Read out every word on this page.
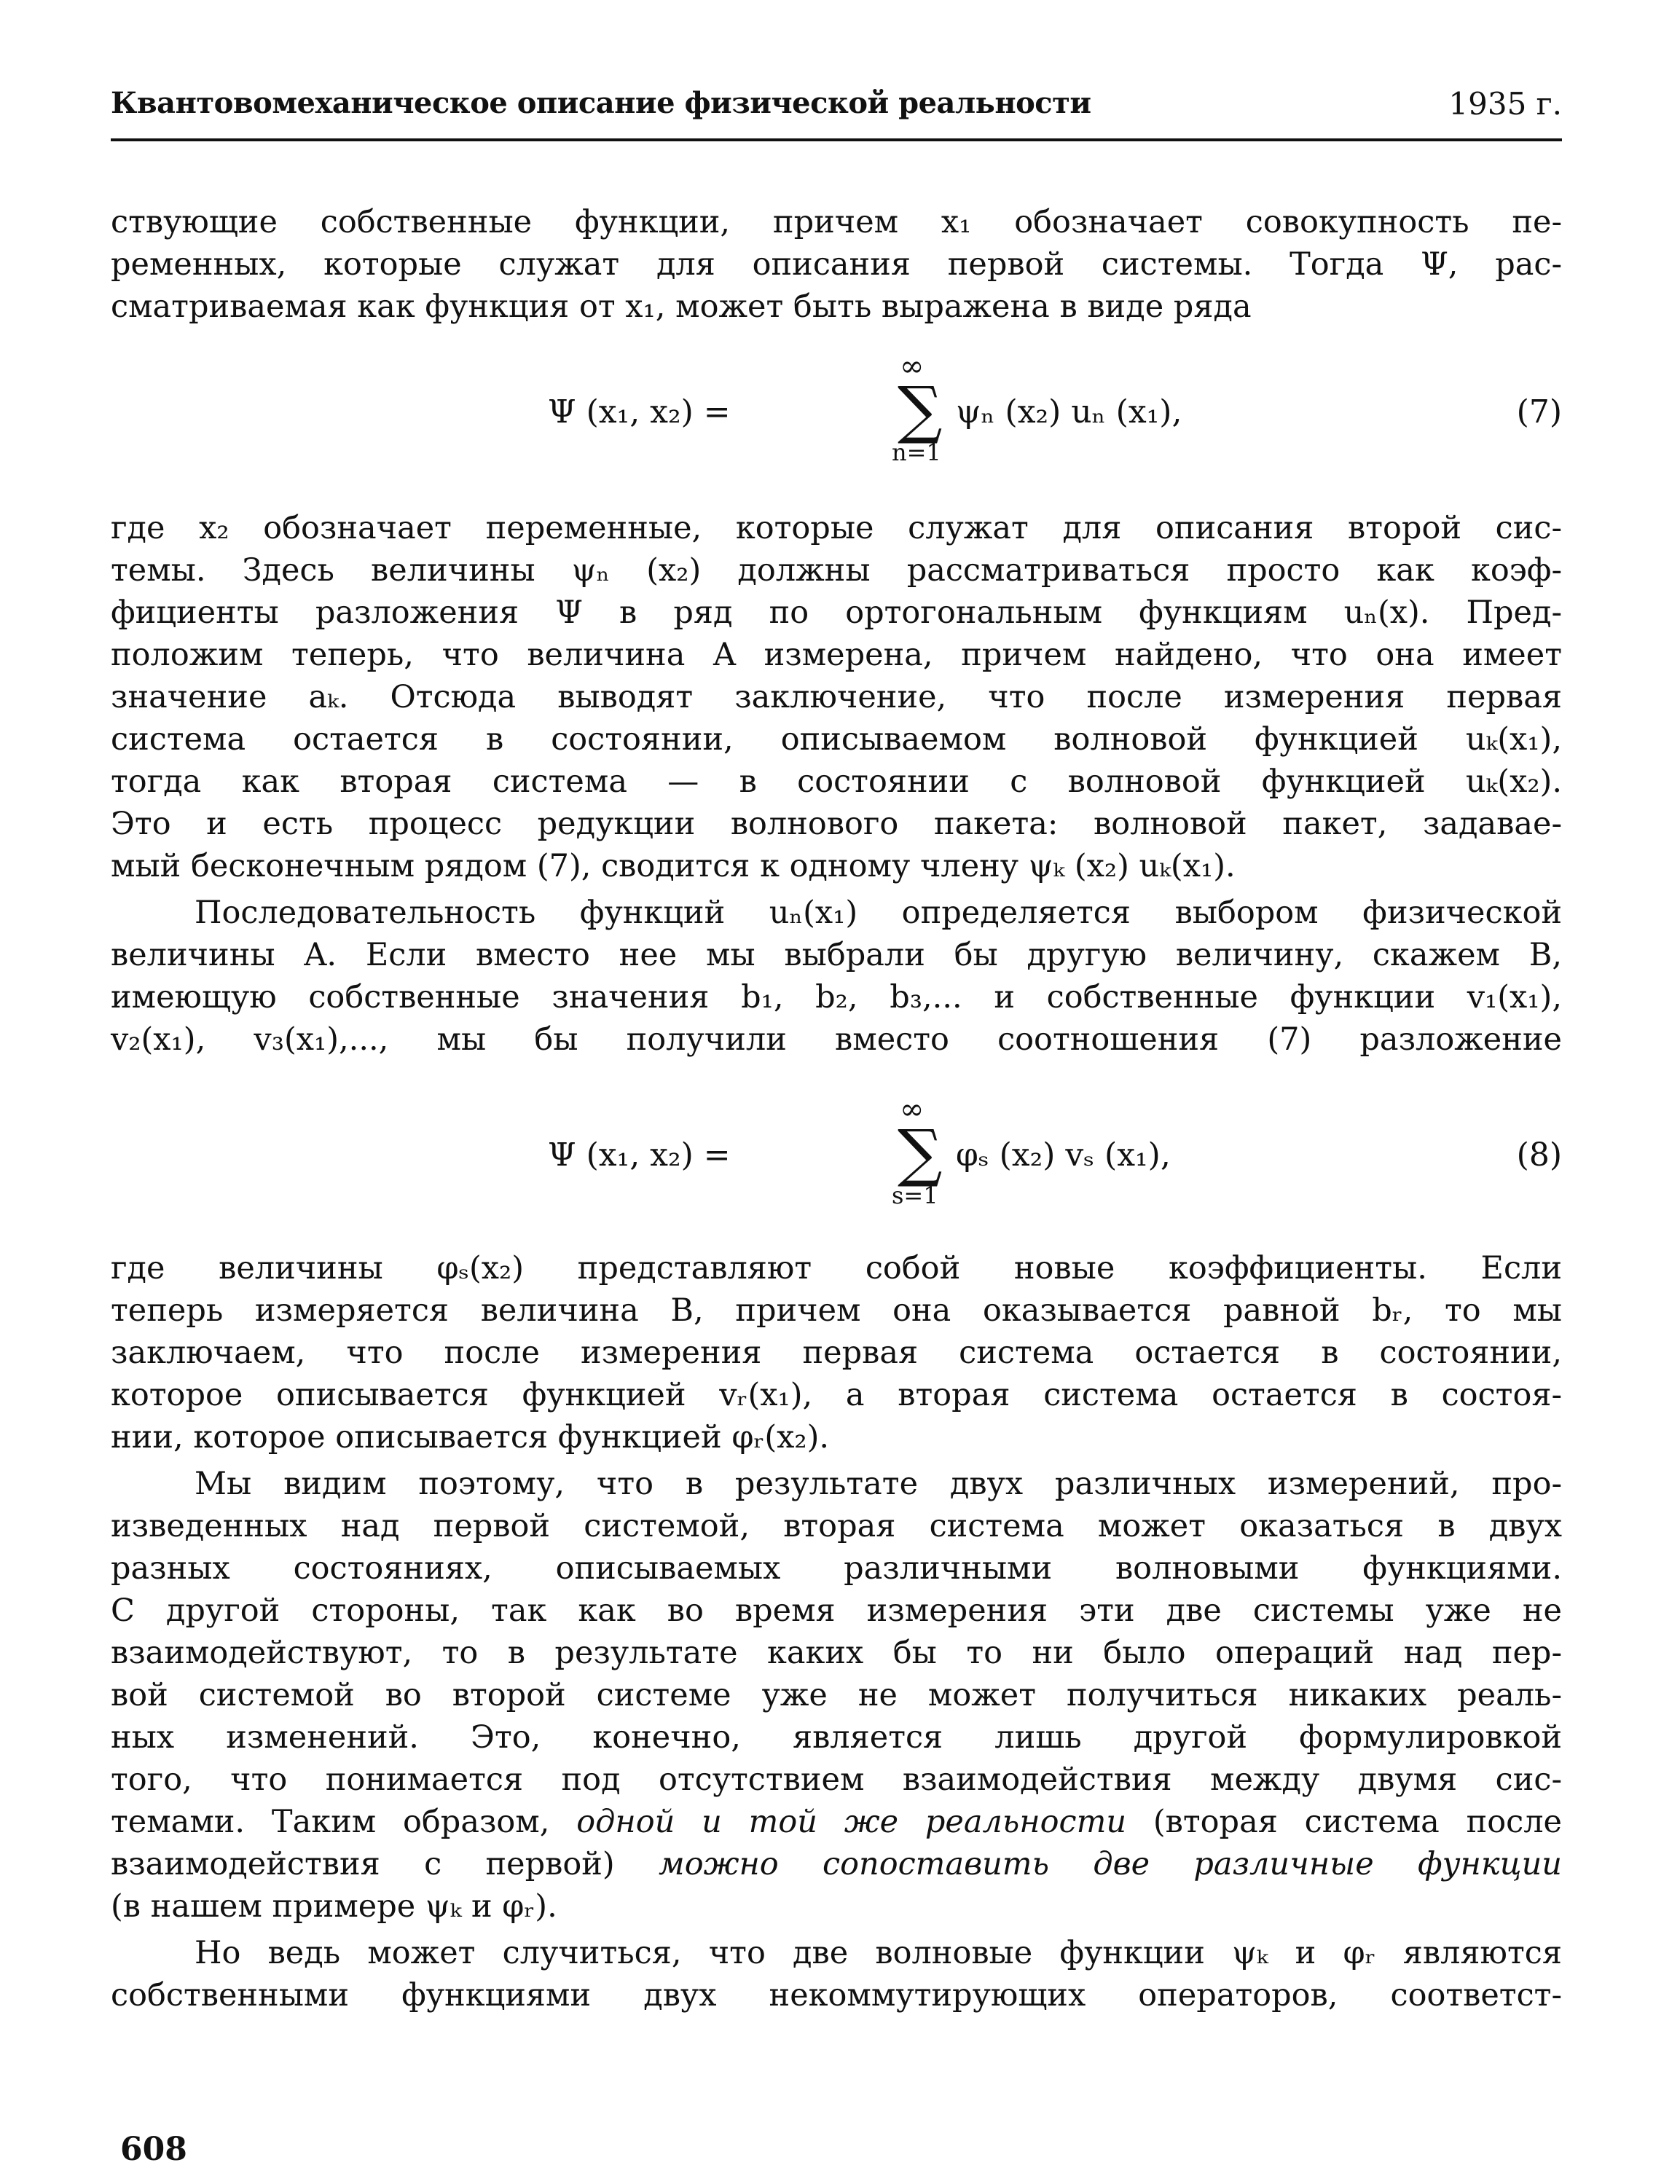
Квантовомеханическое описание физической реальности	1935 г.
ствующие собственные функции, причем x₁ обозначает совокупность пе-
ременных, которые служат для описания первой системы. Тогда Ψ, рас-
сматриваемая как функция от x₁, может быть выражена в виде ряда
Ψ (x₁, x₂) =
∞
∑
n=1
ψₙ (x₂) uₙ (x₁),	(7)
где x₂ обозначает переменные, которые служат для описания второй сис-
темы. Здесь величины ψₙ (x₂) должны рассматриваться просто как коэф-
фициенты разложения Ψ в ряд по ортогональным функциям uₙ(x). Пред-
положим теперь, что величина A измерена, причем найдено, что она имеет
значение aₖ. Отсюда выводят заключение, что после измерения первая
система остается в состоянии, описываемом волновой функцией uₖ(x₁),
тогда как вторая система — в состоянии с волновой функцией uₖ(x₂).
Это и есть процесс редукции волнового пакета: волновой пакет, задавае-
мый бесконечным рядом (7), сводится к одному члену ψₖ (x₂) uₖ(x₁).
Последовательность функций uₙ(x₁) определяется выбором физической
величины A. Если вместо нее мы выбрали бы другую величину, скажем B,
имеющую собственные значения b₁, b₂, b₃,... и собственные функции v₁(x₁),
v₂(x₁), v₃(x₁),..., мы бы получили вместо соотношения (7) разложение
Ψ (x₁, x₂) =
∞
∑
s=1
φₛ (x₂) vₛ (x₁),	(8)
где величины φₛ(x₂) представляют собой новые коэффициенты. Если
теперь измеряется величина B, причем она оказывается равной bᵣ, то мы
заключаем, что после измерения первая система остается в состоянии,
которое описывается функцией vᵣ(x₁), а вторая система остается в состоя-
нии, которое описывается функцией φᵣ(x₂).
Мы видим поэтому, что в результате двух различных измерений, про-
изведенных над первой системой, вторая система может оказаться в двух
разных состояниях, описываемых различными волновыми функциями.
С другой стороны, так как во время измерения эти две системы уже не
взаимодействуют, то в результате каких бы то ни было операций над пер-
вой системой во второй системе уже не может получиться никаких реаль-
ных изменений. Это, конечно, является лишь другой формулировкой
того, что понимается под отсутствием взаимодействия между двумя сис-
темами. Таким образом, одной и той же реальности (вторая система после
взаимодействия с первой) можно сопоставить две различные функции
(в нашем примере ψₖ и φᵣ).
Но ведь может случиться, что две волновые функции ψₖ и φᵣ являются
собственными функциями двух некоммутирующих операторов, соответст-
608
